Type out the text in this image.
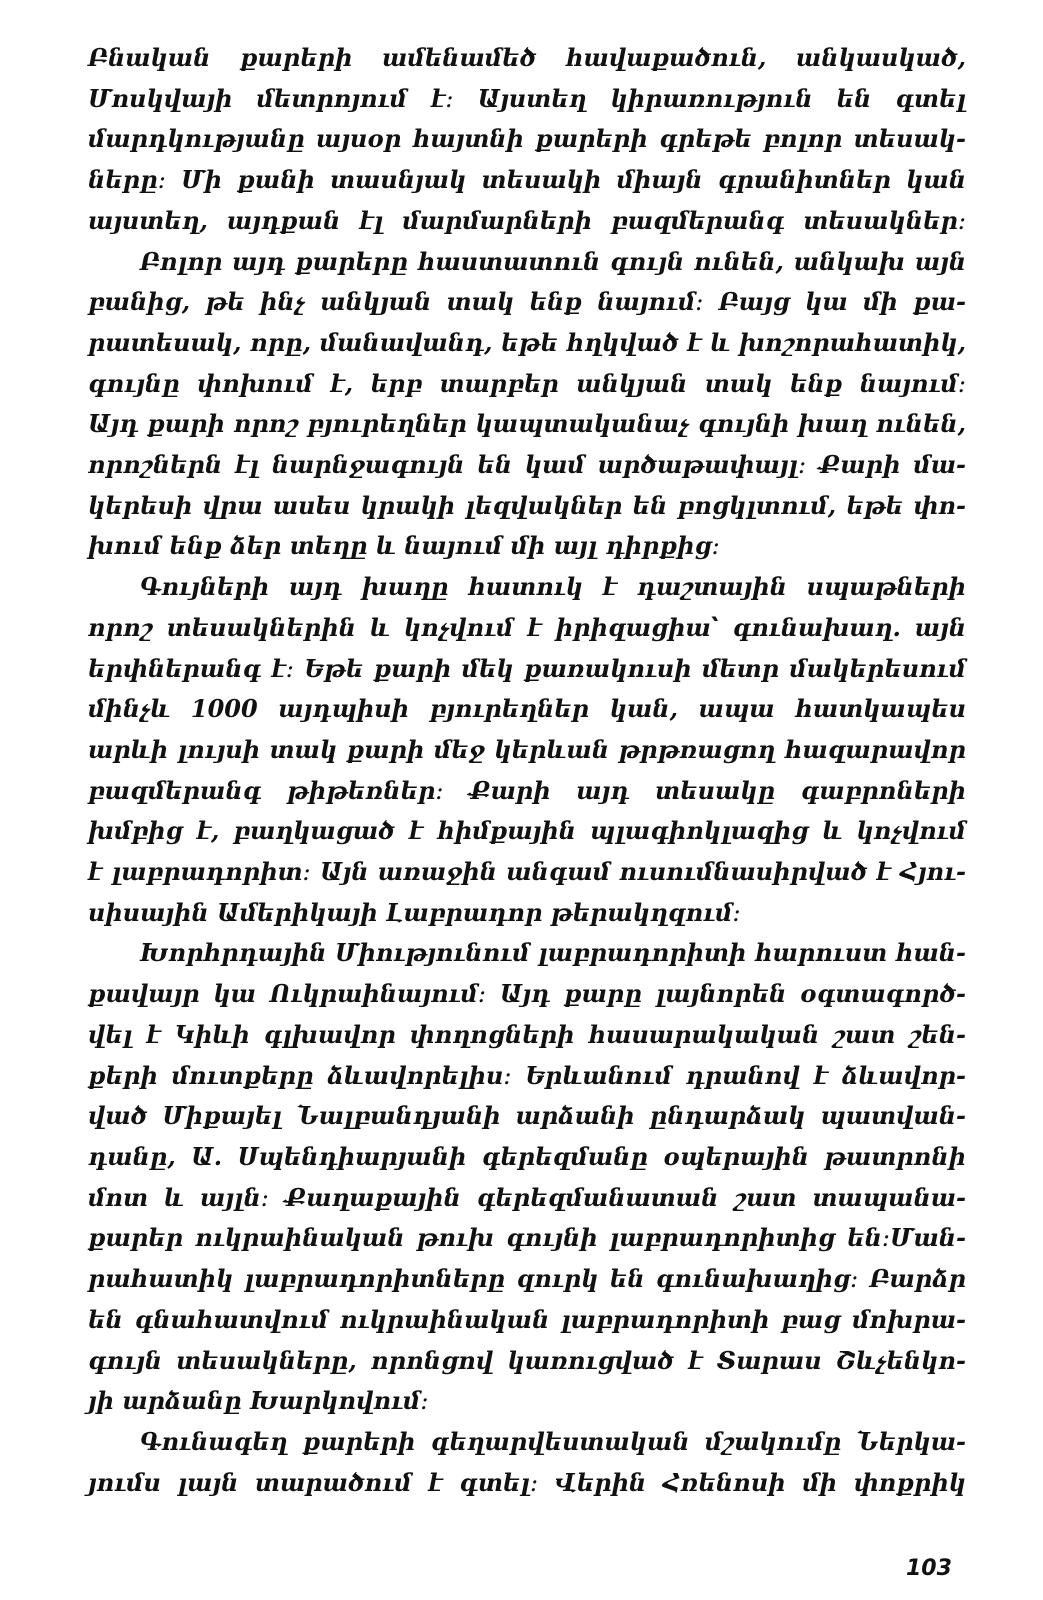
Բնական քարերի ամենամեծ հավաքածուն, անկասկած,
Մոսկվայի մետրոյում է։ Այստեղ կիրառություն են գտել
մարդկությանը այսօր հայտնի քարերի գրեթե բոլոր տեսակ-
ները։ Մի քանի տասնյակ տեսակի միայն գրանիտներ կան
այստեղ, այդքան էլ մարմարների բազմերանգ տեսակներ։
Բոլոր այդ քարերը հաստատուն գույն ունեն, անկախ այն
բանից, թե ինչ անկյան տակ ենք նայում։ Բայց կա մի քա-
րատեսակ, որը, մանավանդ, եթե հղկված է և խոշորահատիկ,
գույնը փոխում է, երբ տարբեր անկյան տակ ենք նայում։
Այդ քարի որոշ բյուրեղներ կապտականաչ գույնի խաղ ունեն,
որոշներն էլ նարնջագույն են կամ արծաթափայլ։ Քարի մա-
կերեսի վրա ասես կրակի լեզվակներ են բոցկլտում, եթե փո-
խում ենք ձեր տեղը և նայում մի այլ դիրքից։
Գույների այդ խաղը հատուկ է դաշտային սպաթների
որոշ տեսակներին և կոչվում է իրիզացիա՝ գունախաղ. այն
երփներանգ է։ Եթե քարի մեկ քառակուսի մետր մակերեսում
մինչև 1000 այդպիսի բյուրեղներ կան, ապա հատկապես
արևի լույսի տակ քարի մեջ կերևան թրթռացող հազարավոր
բազմերանգ թիթեռներ։ Քարի այդ տեսակը գաբրոների
խմբից է, բաղկացած է հիմքային պլագիոկլազից և կոչվում
է լաբրադորիտ։ Այն առաջին անգամ ուսումնասիրված է Հյու-
սիսային Ամերիկայի Լաբրադոր թերակղզում։
Խորհրդային Միությունում լաբրադորիտի հարուստ հան-
քավայր կա Ուկրաինայում։ Այդ քարը լայնորեն օգտագործ-
վել է Կիևի գլխավոր փողոցների հասարակական շատ շեն-
քերի մուտքերը ձևավորելիս։ Երևանում դրանով է ձևավոր-
ված Միքայել Նալբանդյանի արձանի ընդարձակ պատվան-
դանը, Ա. Սպենդիարյանի գերեզմանը օպերային թատրոնի
մոտ և այլն։ Քաղաքային գերեզմանատան շատ տապանա-
քարեր ուկրաինական թուխ գույնի լաբրադորիտից են։Ման-
րահատիկ լաբրադորիտները զուրկ են գունախաղից։ Բարձր
են գնահատվում ուկրաինական լաբրադորիտի բաց մոխրա-
գույն տեսակները, որոնցով կառուցված է Տարաս Շևչենկո-
յի արձանը Խարկովում։
Գունագեղ քարերի գեղարվեստական մշակումը Ներկա-
յումս լայն տարածում է գտել։ Վերին Հռենոսի մի փոքրիկ
103
